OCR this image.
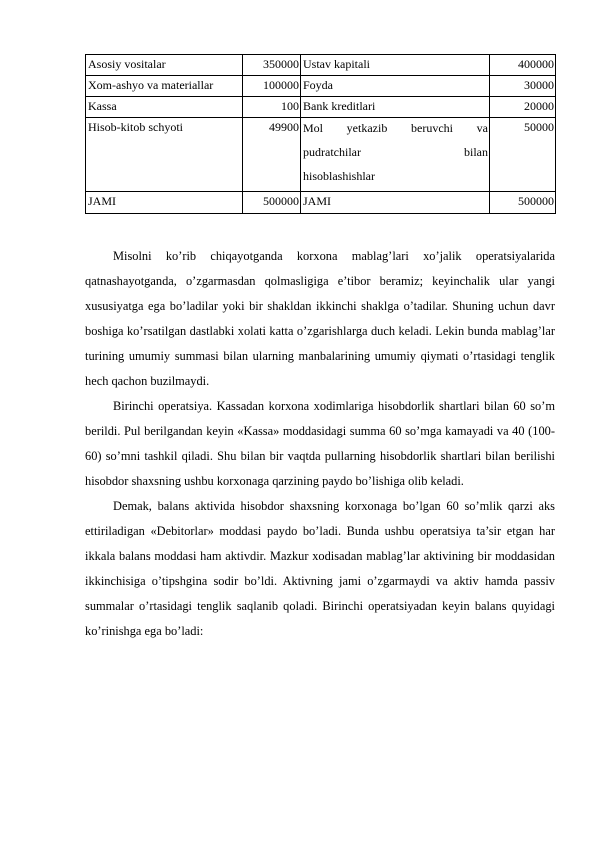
Asosiy vositalar	350000	Ustav kapitali	400000
Xom-ashyo va materiallar	100000	Foyda	30000
Kassa	100	Bank kreditlari	20000
Hisob-kitob schyoti	49900	Mol yetkazib beruvchi va
pudratchilar bilan
hisoblashishlar	50000
JAMI	500000	JAMI	500000

Misolni ko’rib chiqayotganda korxona mablag’lari xo’jalik operatsiyalarida qatnashayotganda, o’zgarmasdan qolmasligiga e’tibor beramiz; keyinchalik ular yangi xususiyatga ega bo’ladilar yoki bir shakldan ikkinchi shaklga o’tadilar. Shuning uchun davr boshiga ko’rsatilgan dastlabki xolati katta o’zgarishlarga duch keladi. Lekin bunda mablag’lar turining umumiy summasi bilan ularning manbalarining umumiy qiymati o’rtasidagi tenglik hech qachon buzilmaydi.

Birinchi operatsiya. Kassadan korxona xodimlariga hisobdorlik shartlari bilan 60 so’m berildi. Pul berilgandan keyin «Kassa» moddasidagi summa 60 so’mga kamayadi va 40 (100-60) so’mni tashkil qiladi. Shu bilan bir vaqtda pullarning hisobdorlik shartlari bilan berilishi hisobdor shaxsning ushbu korxonaga qarzining paydo bo’lishiga olib keladi.

Demak, balans aktivida hisobdor shaxsning korxonaga bo’lgan 60 so’mlik qarzi aks ettiriladigan «Debitorlar» moddasi paydo bo’ladi. Bunda ushbu operatsiya ta’sir etgan har ikkala balans moddasi ham aktivdir. Mazkur xodisadan mablag’lar aktivining bir moddasidan ikkinchisiga o’tipshgina sodir bo’ldi. Aktivning jami o’zgarmaydi va aktiv hamda passiv summalar o’rtasidagi tenglik saqlanib qoladi. Birinchi operatsiyadan keyin balans quyidagi ko’rinishga ega bo’ladi:
